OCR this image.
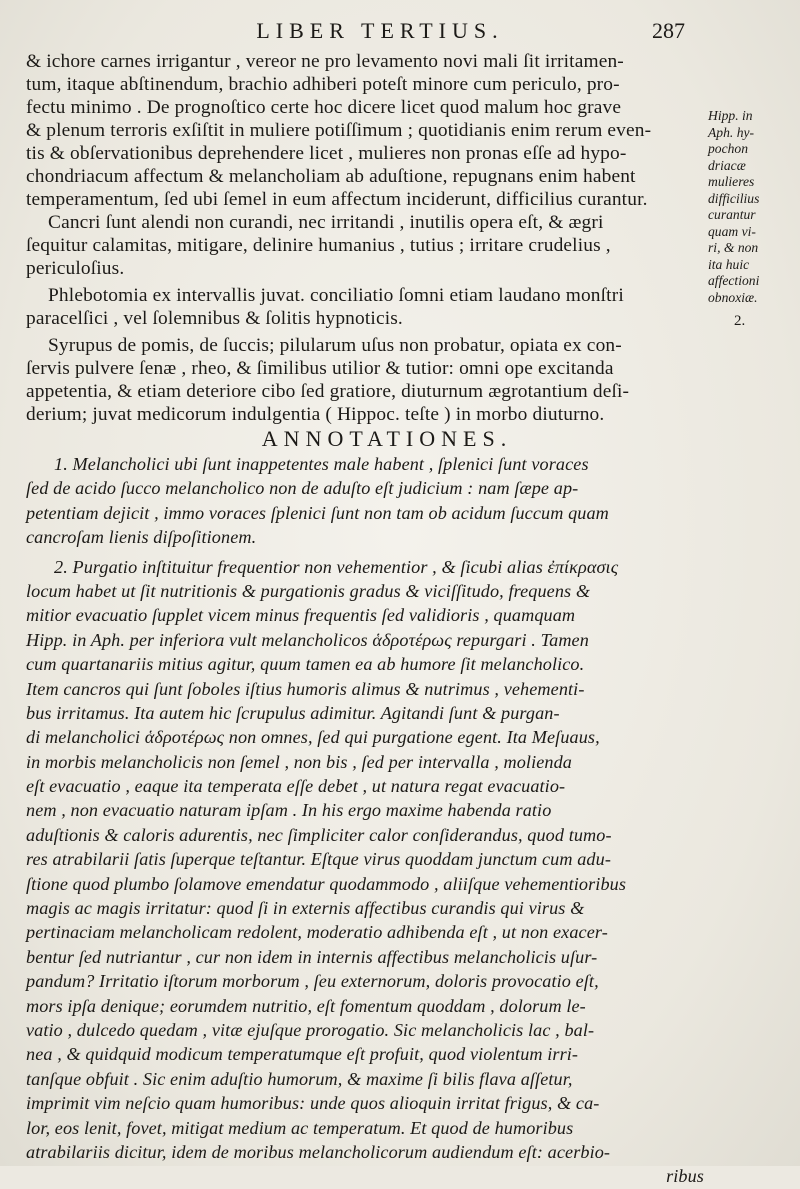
LIBER TERTIUS.	287
& ichore carnes irrigantur , vereor ne pro levamento novi mali ſit irritamen-
tum, itaque abſtinendum, brachio adhiberi poteſt minore cum periculo, pro-
fectu minimo . De prognoſtico certe hoc dicere licet quod malum hoc grave
& plenum terroris exſiſtit in muliere potiſſimum ; quotidianis enim rerum even-
tis & obſervationibus deprehendere licet , mulieres non pronas eſſe ad hypo-
chondriacum affectum & melancholiam ab aduſtione, repugnans enim habent
temperamentum, ſed ubi ſemel in eum affectum inciderunt, difficilius curantur.
Cancri ſunt alendi non curandi, nec irritandi , inutilis opera eſt, & ægri
ſequitur calamitas, mitigare, delinire humanius , tutius ; irritare crudelius ,
periculoſius.
Phlebotomia ex intervallis juvat. conciliatio ſomni etiam laudano monſtri
paracelſici , vel ſolemnibus & ſolitis hypnoticis.
Syrupus de pomis, de ſuccis; pilularum uſus non probatur, opiata ex con-
ſervis pulvere ſenæ , rheo, & ſimilibus utilior & tutior: omni ope excitanda
appetentia, & etiam deteriore cibo ſed gratiore, diuturnum ægrotantium deſi-
derium; juvat medicorum indulgentia ( Hippoc. teſte ) in morbo diuturno.
ANNOTATIONES.
1. Melancholici ubi ſunt inappetentes male habent , ſplenici ſunt voraces
ſed de acido ſucco melancholico non de aduſto eſt judicium : nam ſæpe ap-
petentiam dejicit , immo voraces ſplenici ſunt non tam ob acidum ſuccum quam
cancroſam lienis diſpoſitionem.
2. Purgatio inſtituitur frequentior non vehementior , & ſicubi alias ἐπίκρασις
locum habet ut ſit nutritionis & purgationis gradus & viciſſitudo, frequens &
mitior evacuatio ſupplet vicem minus frequentis ſed validioris , quamquam
Hipp. in Aph. per inferiora vult melancholicos ἁδροτέρως repurgari . Tamen
cum quartanariis mitius agitur, quum tamen ea ab humore ſit melancholico.
Item cancros qui ſunt ſoboles iſtius humoris alimus & nutrimus , vehementi-
bus irritamus. Ita autem hic ſcrupulus adimitur. Agitandi ſunt & purgan-
di melancholici ἁδροτέρως non omnes, ſed qui purgatione egent. Ita Meſuaus,
in morbis melancholicis non ſemel , non bis , ſed per intervalla , molienda
eſt evacuatio , eaque ita temperata eſſe debet , ut natura regat evacuatio-
nem , non evacuatio naturam ipſam . In his ergo maxime habenda ratio
aduſtionis & caloris adurentis, nec ſimpliciter calor conſiderandus, quod tumo-
res atrabilarii ſatis ſuperque teſtantur. Eſtque virus quoddam junctum cum adu-
ſtione quod plumbo ſolamove emendatur quodammodo , aliiſque vehementioribus
magis ac magis irritatur: quod ſi in externis affectibus curandis qui virus &
pertinaciam melancholicam redolent, moderatio adhibenda eſt , ut non exacer-
bentur ſed nutriantur , cur non idem in internis affectibus melancholicis uſur-
pandum? Irritatio iſtorum morborum , ſeu externorum, doloris provocatio eſt,
mors ipſa denique; eorumdem nutritio, eſt fomentum quoddam , dolorum le-
vatio , dulcedo quedam , vitæ ejuſque prorogatio. Sic melancholicis lac , bal-
nea , & quidquid modicum temperatumque eſt profuit, quod violentum irri-
tanſque obfuit . Sic enim aduſtio humorum, & maxime ſi bilis flava aſſetur,
imprimit vim neſcio quam humoribus: unde quos alioquin irritat frigus, & ca-
lor, eos lenit, fovet, mitigat medium ac temperatum. Et quod de humoribus
atrabilariis dicitur, idem de moribus melancholicorum audiendum eſt: acerbio-
ribus
Hipp. in
Aph. hy-
pochon
driacæ
mulieres
difficilius
curantur
quam vi-
ri, & non
ita huic
affectioni
obnoxiæ.
2.
